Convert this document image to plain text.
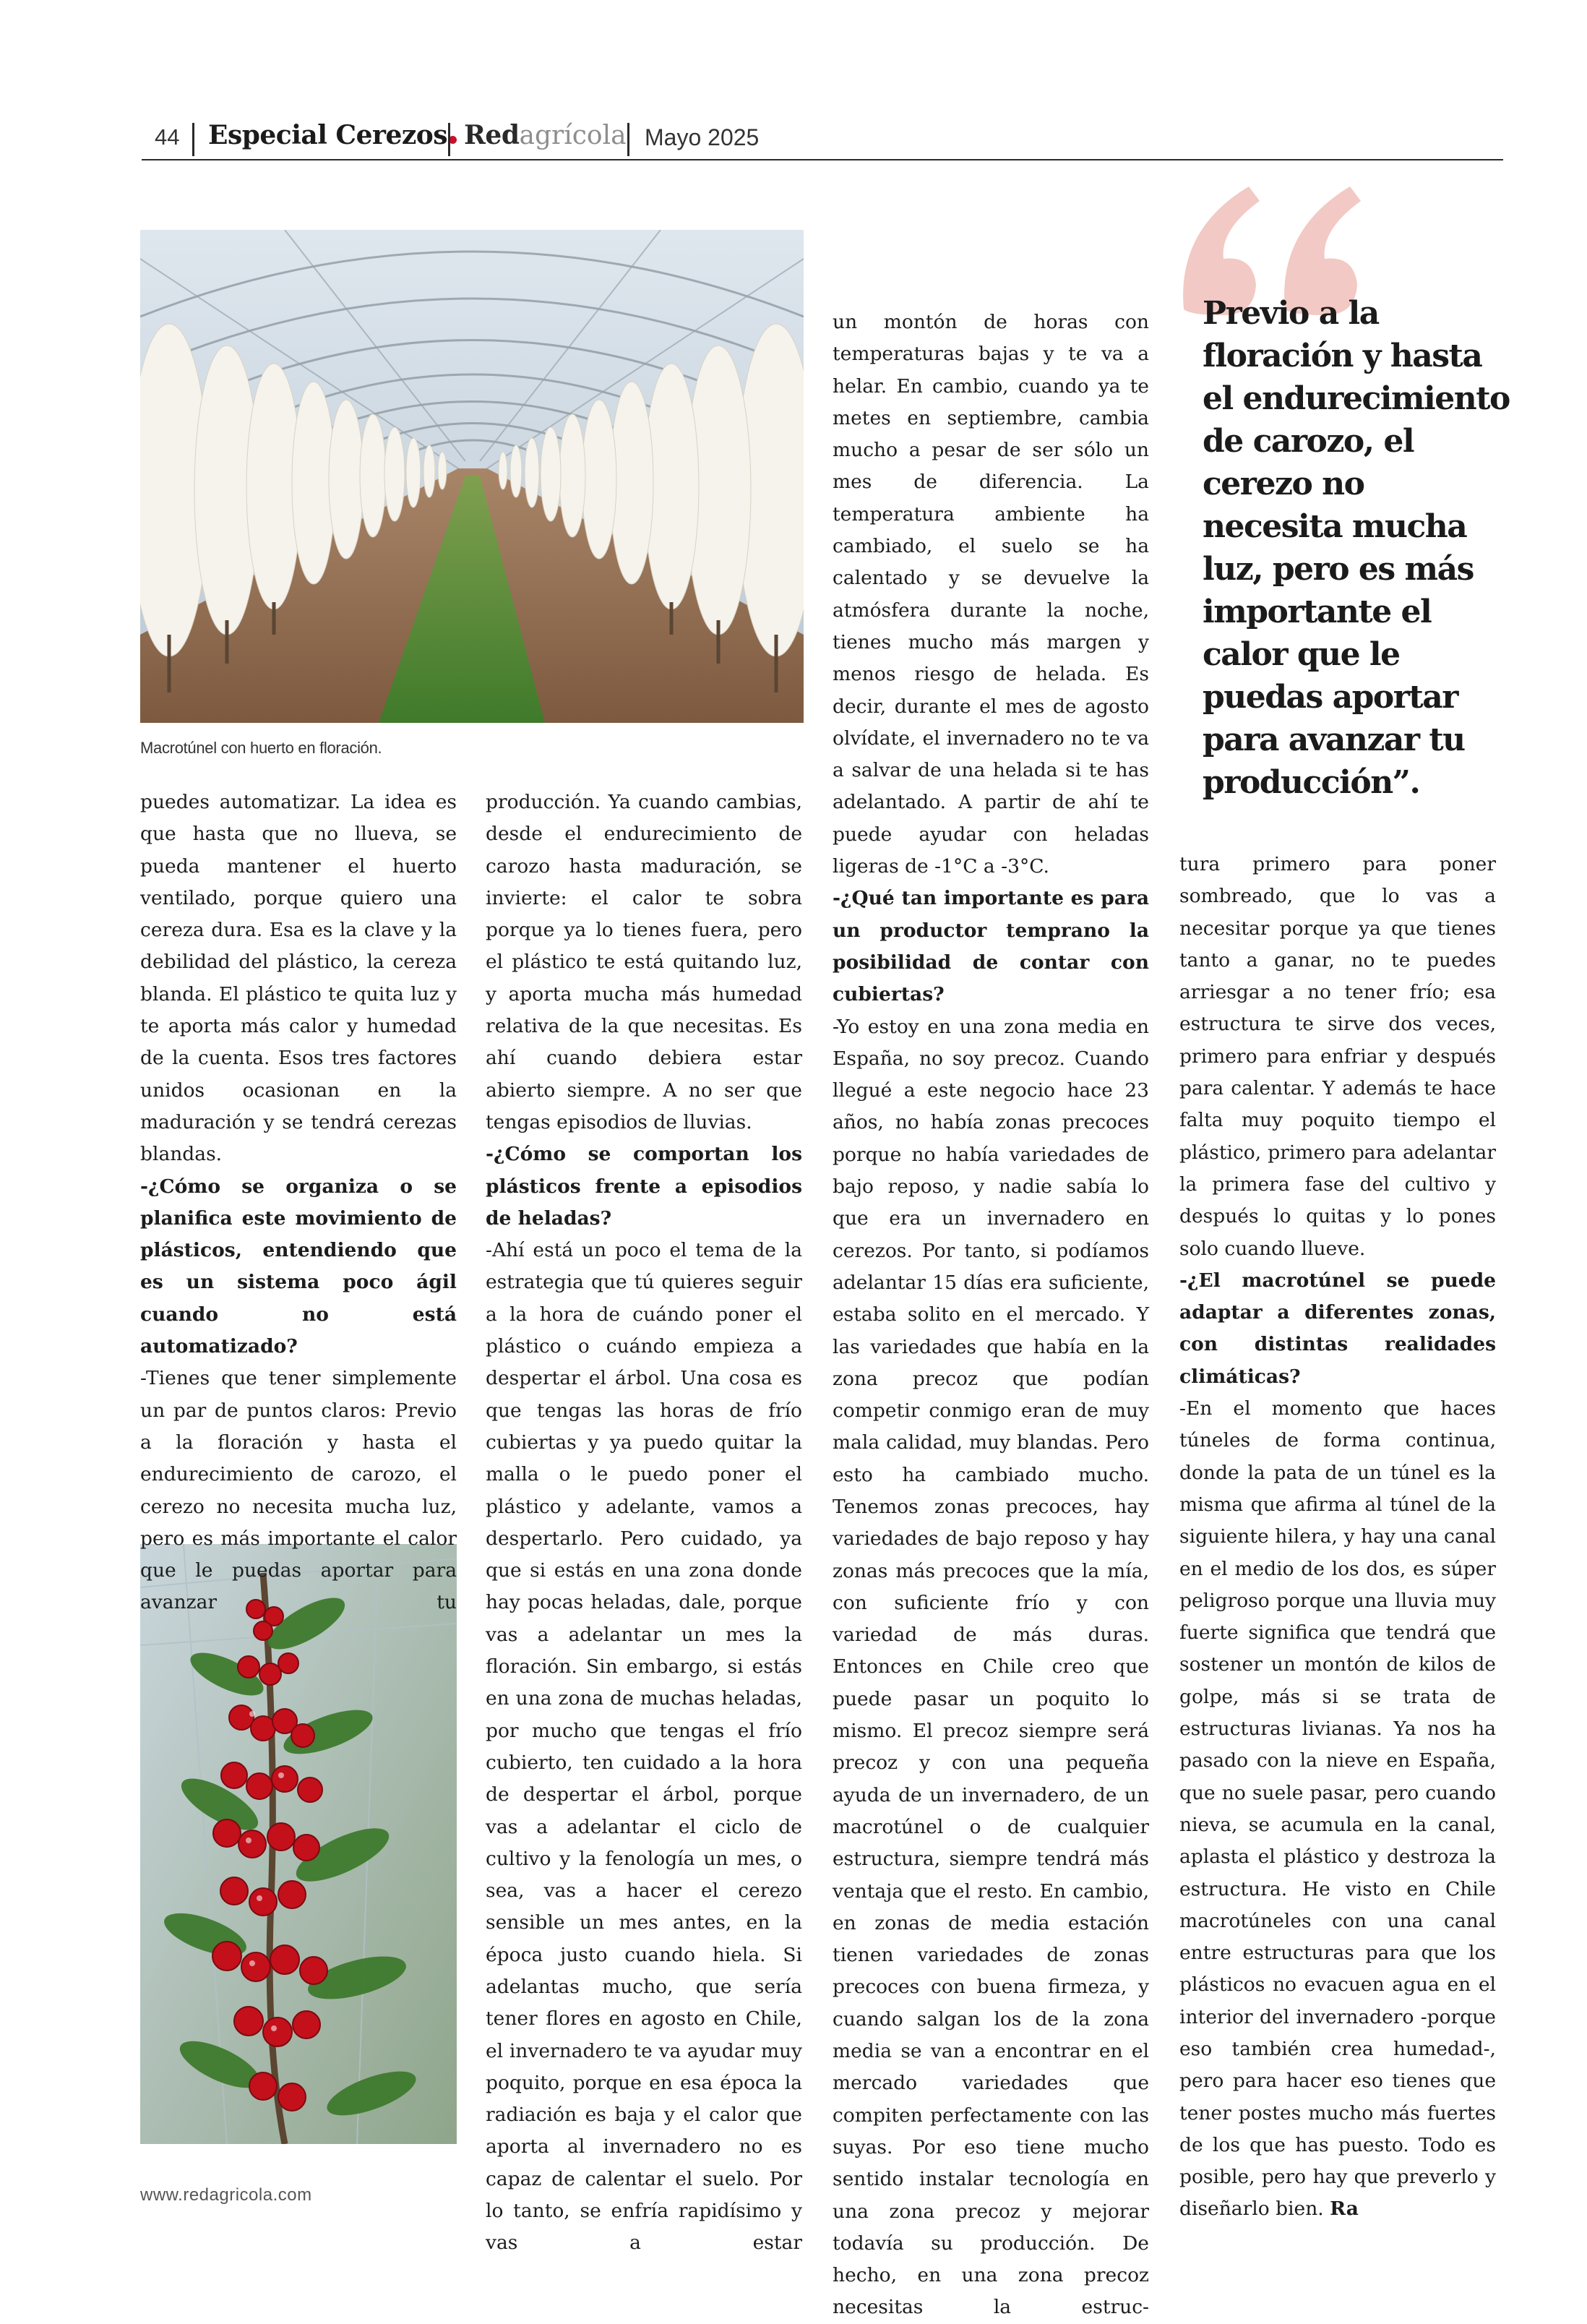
44 Especial Cerezos Redagrícola Mayo 2025
Macrotúnel con huerto en floración.

puedes automatizar. La idea es que hasta que no llueva, se pueda mantener el huerto ventilado, porque quiero una cereza dura. Esa es la clave y la debilidad del plástico, la cereza blanda. El plástico te quita luz y te aporta más calor y humedad de la cuenta. Esos tres factores unidos ocasionan en la maduración y se tendrá cerezas blandas.

-¿Cómo se organiza o se planifica este movimiento de plásticos, entendiendo que es un sistema poco ágil cuando no está automatizado?

-Tienes que tener simplemente un par de puntos claros: Previo a la floración y hasta el endurecimiento de carozo, el cerezo no necesita mucha luz, pero es más importante el calor que le puedas aportar para avanzar tu

producción. Ya cuando cambias, desde el endurecimiento de carozo hasta maduración, se invierte: el calor te sobra porque ya lo tienes fuera, pero el plástico te está quitando luz, y aporta mucha más humedad relativa de la que necesitas. Es ahí cuando debiera estar abierto siempre. A no ser que tengas episodios de lluvias.

-¿Cómo se comportan los plásticos frente a episodios de heladas?

-Ahí está un poco el tema de la estrategia que tú quieres seguir a la hora de cuándo poner el plástico o cuándo empieza a despertar el árbol. Una cosa es que tengas las horas de frío cubiertas y ya puedo quitar la malla o le puedo poner el plástico y adelante, vamos a despertarlo. Pero cuidado, ya que si estás en una zona donde hay pocas heladas, dale, porque vas a adelantar un mes la floración. Sin embargo, si estás en una zona de muchas heladas, por mucho que tengas el frío cubierto, ten cuidado a la hora de despertar el árbol, porque vas a adelantar el ciclo de cultivo y la fenología un mes, o sea, vas a hacer el cerezo sensible un mes antes, en la época justo cuando hiela. Si adelantas mucho, que sería tener flores en agosto en Chile, el invernadero te va ayudar muy poquito, porque en esa época la radiación es baja y el calor que aporta al invernadero no es capaz de calentar el suelo. Por lo tanto, se enfría rapidísimo y vas a estar

un montón de horas con temperaturas bajas y te va a helar. En cambio, cuando ya te metes en septiembre, cambia mucho a pesar de ser sólo un mes de diferencia. La temperatura ambiente ha cambiado, el suelo se ha calentado y se devuelve la atmósfera durante la noche, tienes mucho más margen y menos riesgo de helada. Es decir, durante el mes de agosto olvídate, el invernadero no te va a salvar de una helada si te has adelantado. A partir de ahí te puede ayudar con heladas ligeras de -1°C a -3°C.

-¿Qué tan importante es para un productor temprano la posibilidad de contar con cubiertas?

-Yo estoy en una zona media en España, no soy precoz. Cuando llegué a este negocio hace 23 años, no había zonas precoces porque no había variedades de bajo reposo, y nadie sabía lo que era un invernadero en cerezos. Por tanto, si podíamos adelantar 15 días era suficiente, estaba solito en el mercado. Y las variedades que había en la zona precoz que podían competir conmigo eran de muy mala calidad, muy blandas. Pero esto ha cambiado mucho. Tenemos zonas precoces, hay variedades de bajo reposo y hay zonas más precoces que la mía, con suficiente frío y con variedad de más duras. Entonces en Chile creo que puede pasar un poquito lo mismo. El precoz siempre será precoz y con una pequeña ayuda de un invernadero, de un macrotúnel o de cualquier estructura, siempre tendrá más ventaja que el resto. En cambio, en zonas de media estación tienen variedades de zonas precoces con buena firmeza, y cuando salgan los de la zona media se van a encontrar en el mercado variedades que compiten perfectamente con las suyas. Por eso tiene mucho sentido instalar tecnología en una zona precoz y mejorar todavía su producción. De hecho, en una zona precoz necesitas la estruc-

Previo a la floración y hasta el endurecimiento de carozo, el cerezo no necesita mucha luz, pero es más importante el calor que le puedas aportar para avanzar tu producción”.

tura primero para poner sombreado, que lo vas a necesitar porque ya que tienes tanto a ganar, no te puedes arriesgar a no tener frío; esa estructura te sirve dos veces, primero para enfriar y después para calentar. Y además te hace falta muy poquito tiempo el plástico, primero para adelantar la primera fase del cultivo y después lo quitas y lo pones solo cuando llueve.

-¿El macrotúnel se puede adaptar a diferentes zonas, con distintas realidades climáticas?

-En el momento que haces túneles de forma continua, donde la pata de un túnel es la misma que afirma al túnel de la siguiente hilera, y hay una canal en el medio de los dos, es súper peligroso porque una lluvia muy fuerte significa que tendrá que sostener un montón de kilos de golpe, más si se trata de estructuras livianas. Ya nos ha pasado con la nieve en España, que no suele pasar, pero cuando nieva, se acumula en la canal, aplasta el plástico y destroza la estructura. He visto en Chile macrotúneles con una canal entre estructuras para que los plásticos no evacuen agua en el interior del invernadero -porque eso también crea humedad-, pero para hacer eso tienes que tener postes mucho más fuertes de los que has puesto. Todo es posible, pero hay que preverlo y diseñarlo bien. Ra

www.redagricola.com
